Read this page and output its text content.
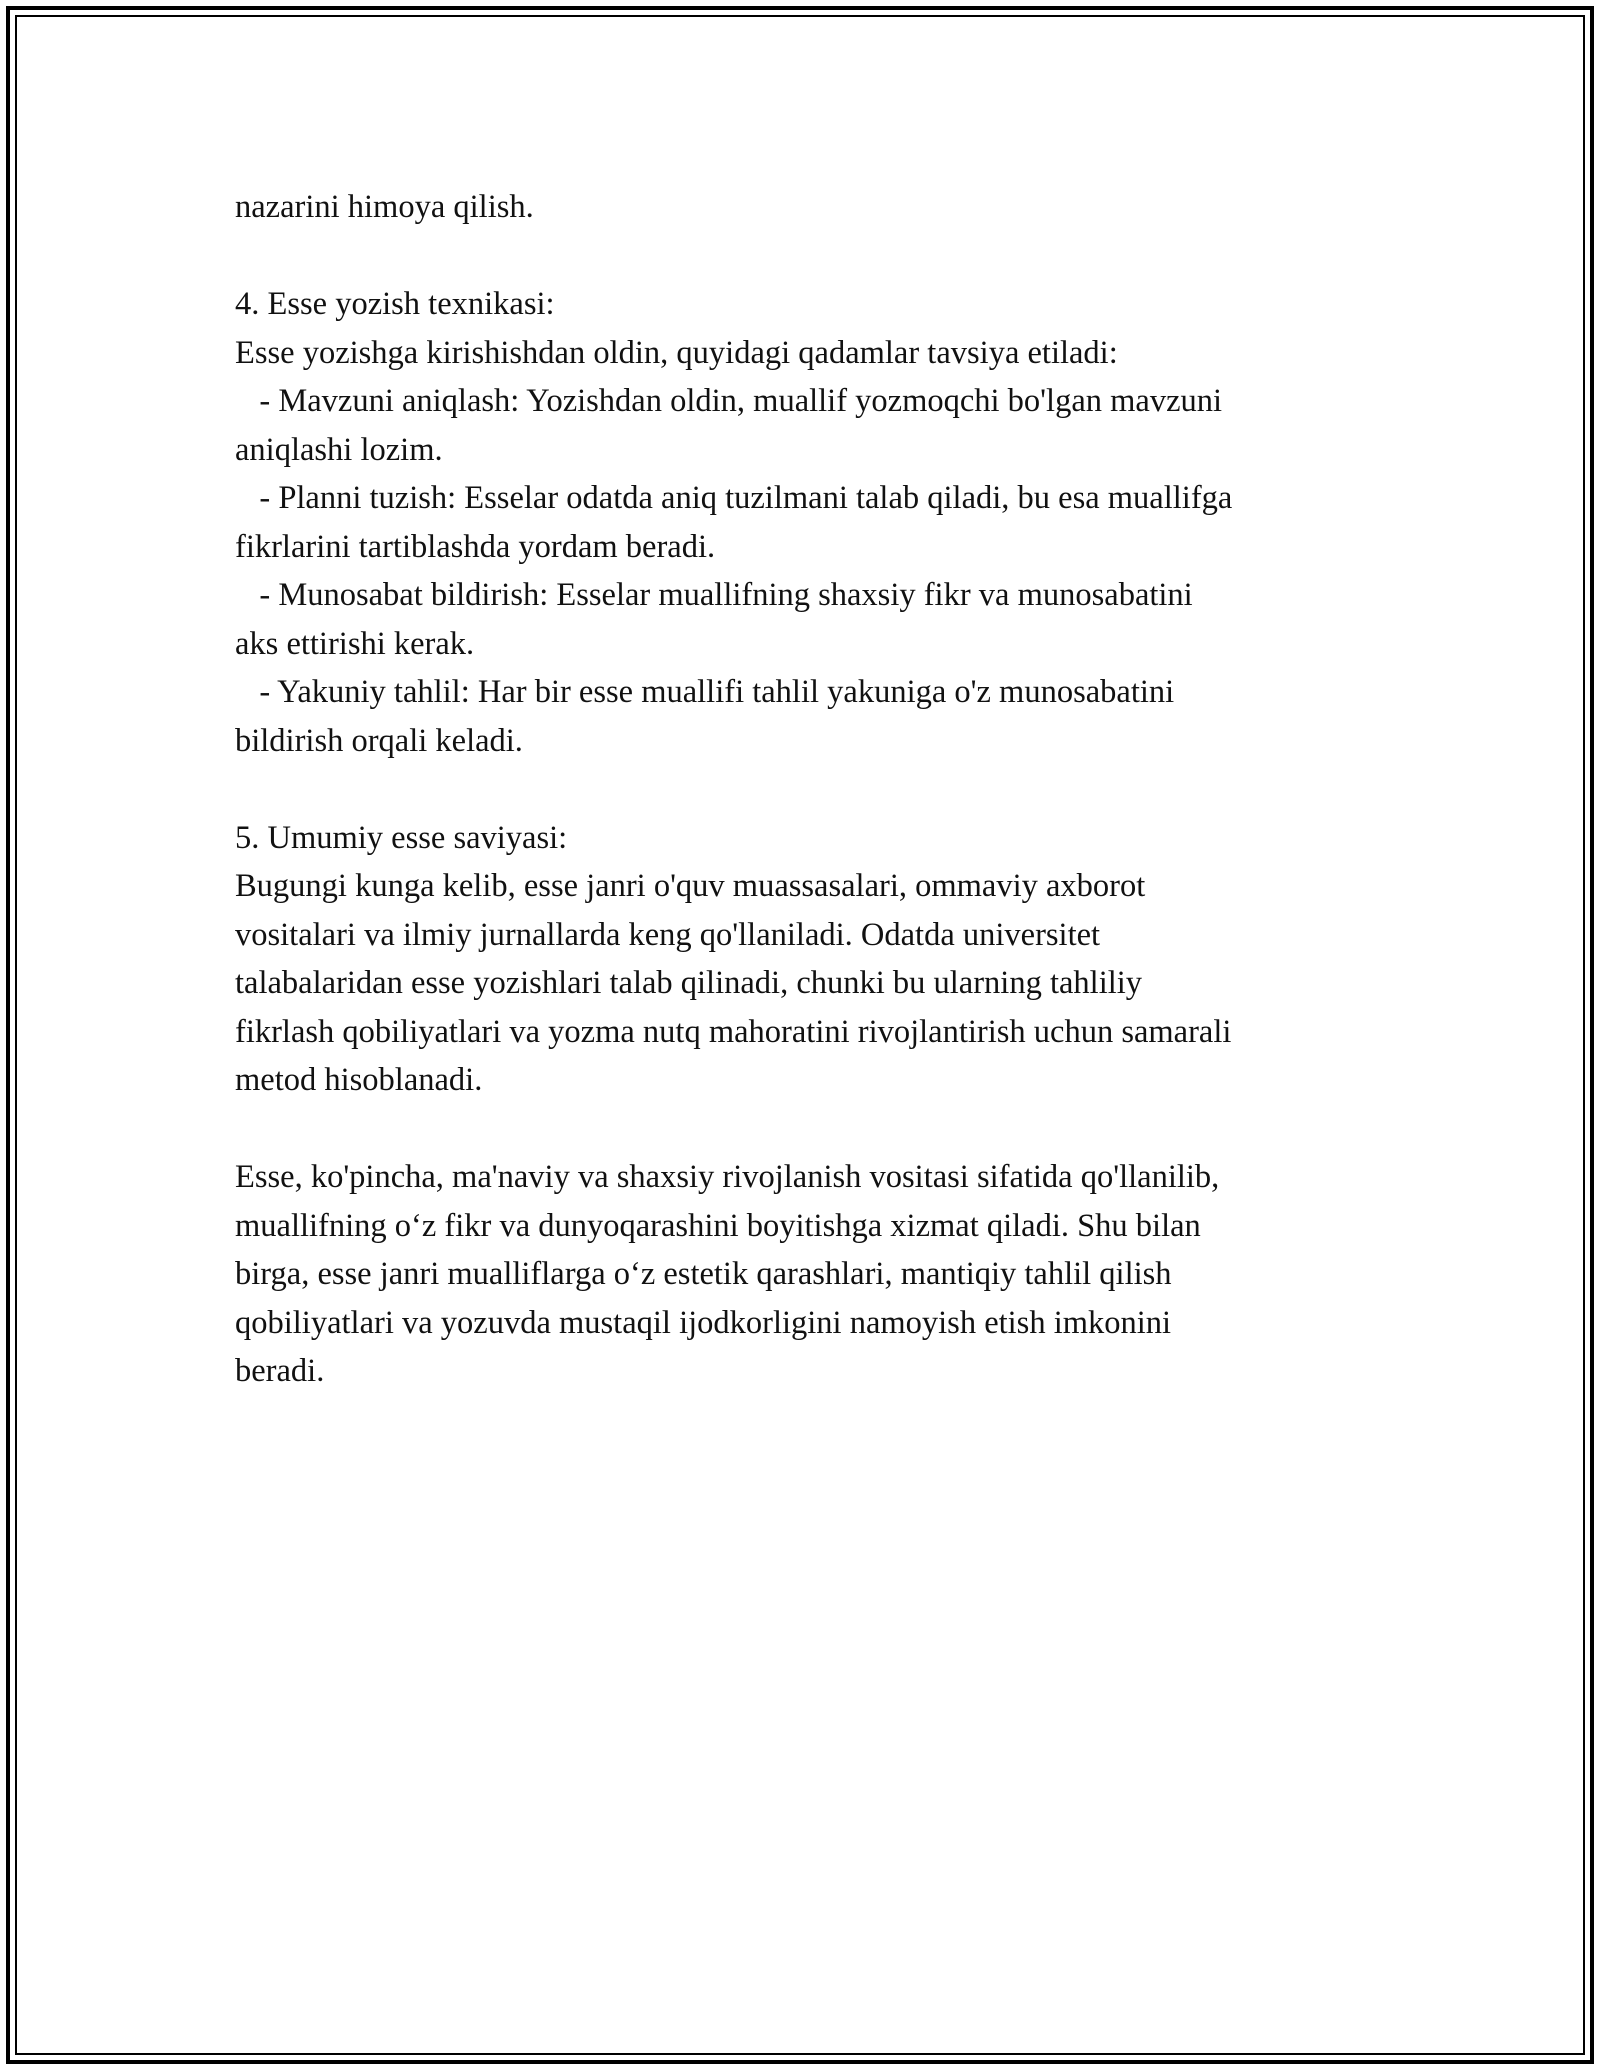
nazarini himoya qilish.
4. Esse yozish texnikasi:
Esse yozishga kirishishdan oldin, quyidagi qadamlar tavsiya etiladi:
- Mavzuni aniqlash: Yozishdan oldin, muallif yozmoqchi bo'lgan mavzuni
aniqlashi lozim.
- Planni tuzish: Esselar odatda aniq tuzilmani talab qiladi, bu esa muallifga
fikrlarini tartiblashda yordam beradi.
- Munosabat bildirish: Esselar muallifning shaxsiy fikr va munosabatini
aks ettirishi kerak.
- Yakuniy tahlil: Har bir esse muallifi tahlil yakuniga o'z munosabatini
bildirish orqali keladi.
5. Umumiy esse saviyasi:
Bugungi kunga kelib, esse janri o'quv muassasalari, ommaviy axborot
vositalari va ilmiy jurnallarda keng qo'llaniladi. Odatda universitet
talabalaridan esse yozishlari talab qilinadi, chunki bu ularning tahliliy
fikrlash qobiliyatlari va yozma nutq mahoratini rivojlantirish uchun samarali
metod hisoblanadi.
Esse, ko'pincha, ma'naviy va shaxsiy rivojlanish vositasi sifatida qo'llanilib,
muallifning o‘z fikr va dunyoqarashini boyitishga xizmat qiladi. Shu bilan
birga, esse janri mualliflarga o‘z estetik qarashlari, mantiqiy tahlil qilish
qobiliyatlari va yozuvda mustaqil ijodkorligini namoyish etish imkonini
beradi.
